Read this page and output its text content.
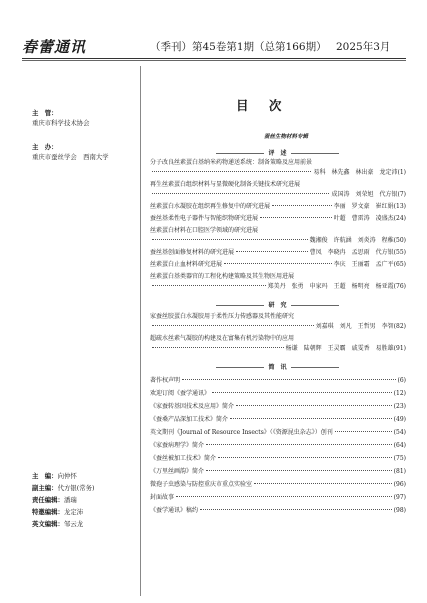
春蕾通讯	（季刊）第45卷第1期（总第166期） 2025年3月
主　管：
重庆市科学技术协会
主　办：
重庆市蚕丝学会　西南大学
主　编：向仲怀
副主编：代方银(常务)
责任编辑：潘瑞
特邀编辑：龙定沛
英文编辑：邹云龙
目 次
蚕丝生物材料专辑
评　述
分子改良丝素蛋白基纳米药物递送系统：制备策略及应用前景
易科　林先鑫　林出豪　龙定沛 (1)
再生丝素蛋白组织材料与显微硬化制备关键技术研究进展
成国涛　刘荣旭　代方银 (7)
丝素蛋白水凝胶在组织再生修复中的研究进展	李丽　罗文豪　崔红娟 (13)
蚕丝基柔性电子器件与智能织物研究进展	叶超　曹雷涛　凌盛杰 (24)
丝素蛋白材料在口腔医学领域的研究进展
魏湘俊　许航涵　刘炎涛　程稚 (50)
蚕丝基创面修复材料的研究进展	曹凤　李晓冉　孟思雨　代方银 (55)
丝素蛋白止血材料研究进展	李庆　王丽霜　孟广平 (65)
丝素蛋白基类器官的工程化构建策略及其生物医用进展
郑美丹　张勇　申家玛　王超　杨明亮　杨亚霞 (76)
研　究
家蚕丝胶蛋白水凝胶用于柔性压力传感器及其性能研究
刘嘉琪　刘凡　王哲男　李智 (82)
超疏水丝素气凝胶的构建及在富集有机污染物中的应用
杨谦　陆朝辉　王灵霸　戚雯香　易胜雄 (91)
简　讯
著作权声明	(6)
欢迎订阅《蚕学通讯》	(12)
《家蚕转基因技术及应用》简介	(23)
《蚕桑产品深加工技术》简介	(49)
英文期刊《Journal of Resource Insects》（《资源昆虫杂志》）创刊	(54)
《家蚕病理学》简介	(64)
《蚕丝被加工技术》简介	(75)
《万里丝画韵》简介	(81)
微孢子虫感染与防控重庆市重点实验室	(96)
封面故事	(97)
《蚕学通讯》稿约	(98)
